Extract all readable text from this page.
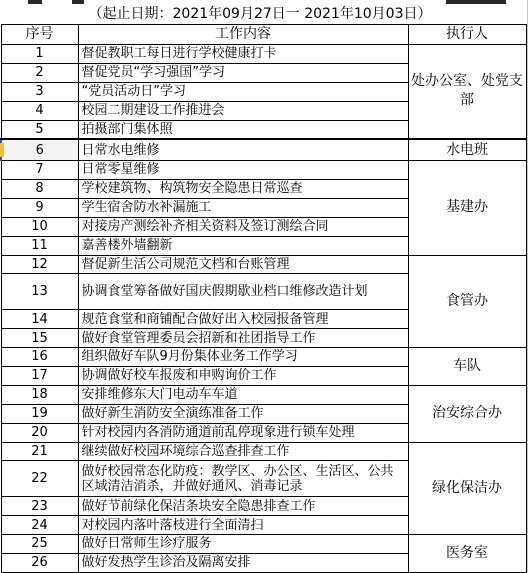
（起止日期：2021年09月27日一 2021年10月03日）
序号	工作内容	执行人
1	督促教职工每日进行学校健康打卡	处办公室、处党支部
2	督促党员“学习强国”学习	
3	“党员活动日”学习	
4	校园二期建设工作推进会	
5	拍摄部门集体照	
6	日常水电维修	水电班
7	日常零星维修	基建办
8	学校建筑物、构筑物安全隐患日常巡查	
9	学生宿舍防水补漏施工	
10	对接房产测绘补齐相关资料及签订测绘合同	
11	嘉善楼外墙翻新	
12	督促新生活公司规范文档和台账管理	食管办
13	协调食堂筹备做好国庆假期歇业档口维修改造计划	
14	规范食堂和商铺配合做好出入校园报备管理	
15	做好食堂管理委员会招新和社团指导工作	
16	组织做好车队9月份集体业务工作学习	车队
17	协调做好校车报废和申购询价工作	
18	安排维修东大门电动车车道	治安综合办
19	做好新生消防安全演练准备工作	
20	针对校园内各消防通道前乱停现象进行锁车处理	
21	继续做好校园环境综合巡查排查工作	绿化保洁办
22	做好校园常态化防疫：教学区、办公区、生活区、公共区域清洁消杀，并做好通风、消毒记录	
23	做好节前绿化保洁条块安全隐患排查工作	
24	对校园内落叶落枝进行全面清扫	
25	做好日常师生诊疗服务	医务室
26	做好发热学生诊治及隔离安排	
